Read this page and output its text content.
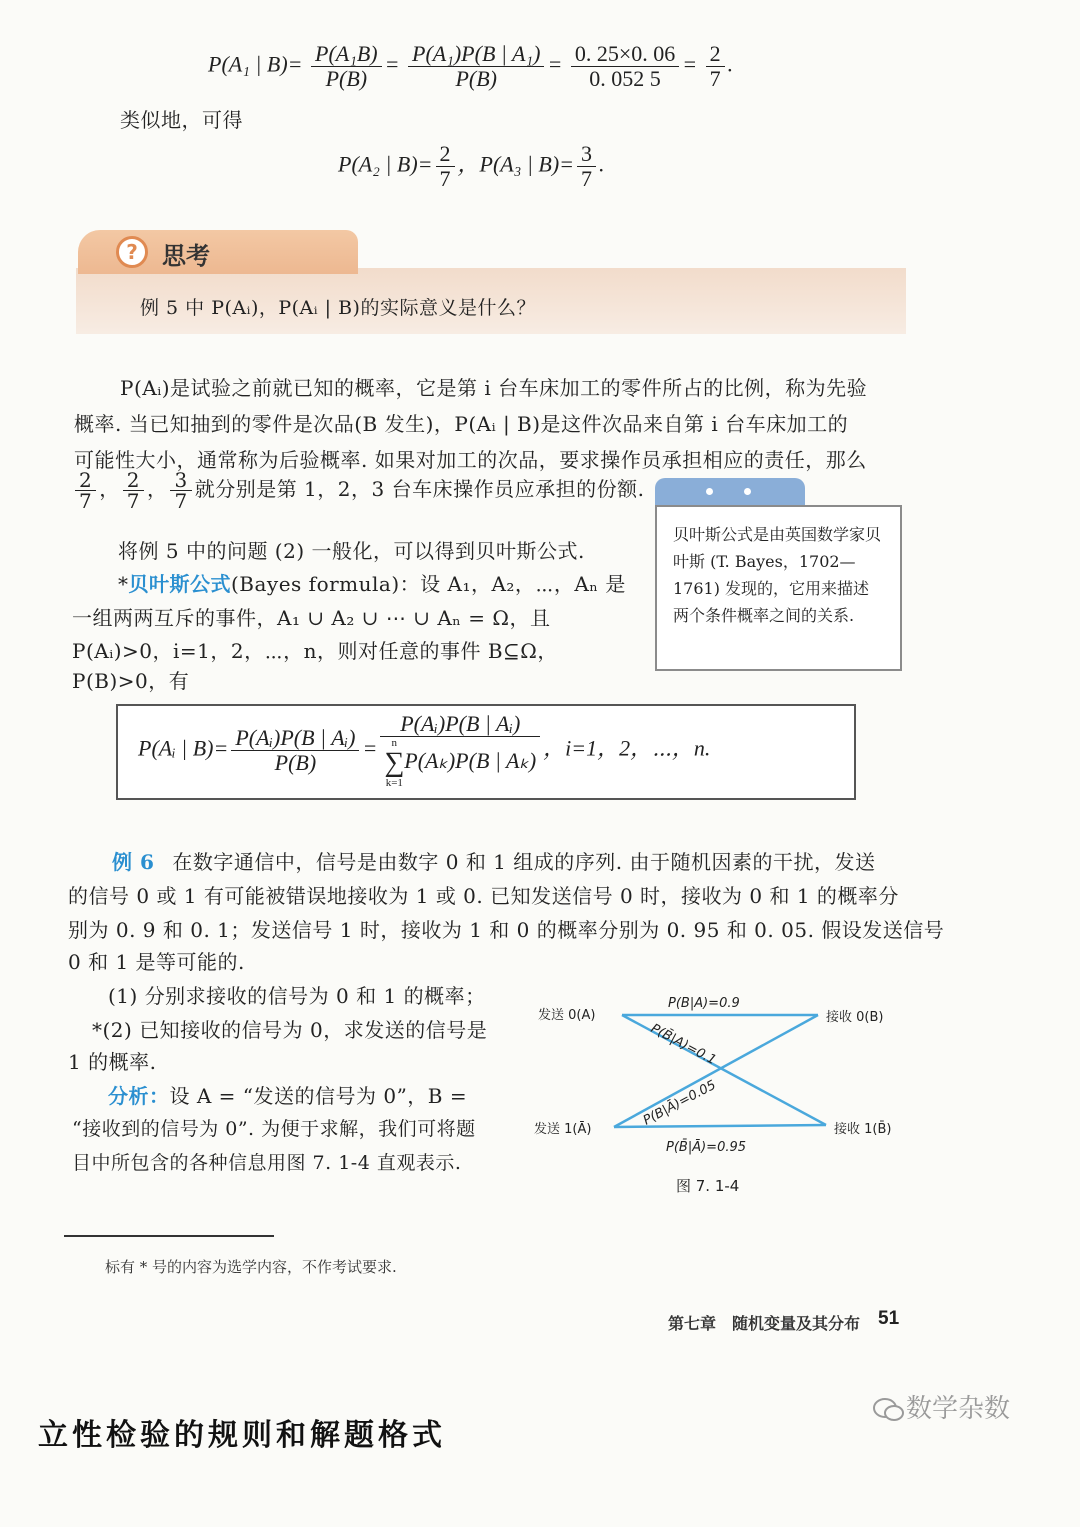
P(A₁ | $B)= \frac{\text{P(A₁B)}}{P(B)} = \frac{\text{P(A₁)P(B | A₁)}}{P(B)} = \frac{0. 25\times 0. 06}{0. 052 5} = \frac{2}{7}$ .
类似地，可得
P(A₂ | $B)= \frac{2}{7}$ ，P(A₃ | $B)= \frac{3}{7}$ .
?	思考
例 5 中 P(Aᵢ)，P(Aᵢ | B)的实际意义是什么？
P(Aᵢ)是试验之前就已知的概率，它是第 i 台车床加工的零件所占的比例，称为先验
概率. 当已知抽到的零件是次品(B 发生)，P(Aᵢ | B)是这件次品来自第 i 台车床加工的
可能性大小，通常称为后验概率. 如果对加工的次品，要求操作员承担相应的责任，那么
$\frac{2}{7}$ ， $\frac{2}{7}$ ， $\frac{3}{7}$ 就分别是第 1，2，3 台车床操作员应承担的份额.
将例 5 中的问题 (2) 一般化，可以得到贝叶斯公式.
*贝叶斯公式(Bayes formula)：设 A₁，A₂，⋯，Aₙ 是
一组两两互斥的事件，A₁ ∪ A₂ ∪ ⋯ ∪ Aₙ = Ω，且
P(Aᵢ)>0，i=1，2，⋯，n，则对任意的事件 B⊆Ω，
P(B)>0，有
贝叶斯公式是由英国数学家贝叶斯 (T. Bayes，1702—1761) 发现的，它用来描述两个条件概率之间的关系.
P(Aᵢ | $B)= \frac{\text{P(Aᵢ)P(B | Aᵢ)}}{P(B)}$ = P(Aᵢ)P(B | Aᵢ)
n
∑
k=1
P(Aₖ)P(B | Aₖ) ，i=1，2，⋯，n.
例 6 在数字通信中，信号是由数字 0 和 1 组成的序列. 由于随机因素的干扰，发送
的信号 0 或 1 有可能被错误地接收为 1 或 0. 已知发送信号 0 时，接收为 0 和 1 的概率分
别为 0. 9 和 0. 1；发送信号 1 时，接收为 1 和 0 的概率分别为 0. 95 和 0. 05. 假设发送信号
0 和 1 是等可能的.
(1) 分别求接收的信号为 0 和 1 的概率；
*(2) 已知接收的信号为 0，求发送的信号是
1 的概率.
分析：设 A = “发送的信号为 0”，B =
“接收到的信号为 0”. 为便于求解，我们可将题
目中所包含的各种信息用图 7. 1-4 直观表示.
发送 0(A)
发送 1(Ā)
接收 0(B)
接收 1(B̄)
P(B|A)=0.9
P(B̄|A)=0.1
P(B|Ā)=0.05
P(B̄|Ā)=0.95
图 7. 1-4
标有 * 号的内容为选学内容，不作考试要求.
第七章　随机变量及其分布 51
数学杂数
立性检验的规则和解题格式
